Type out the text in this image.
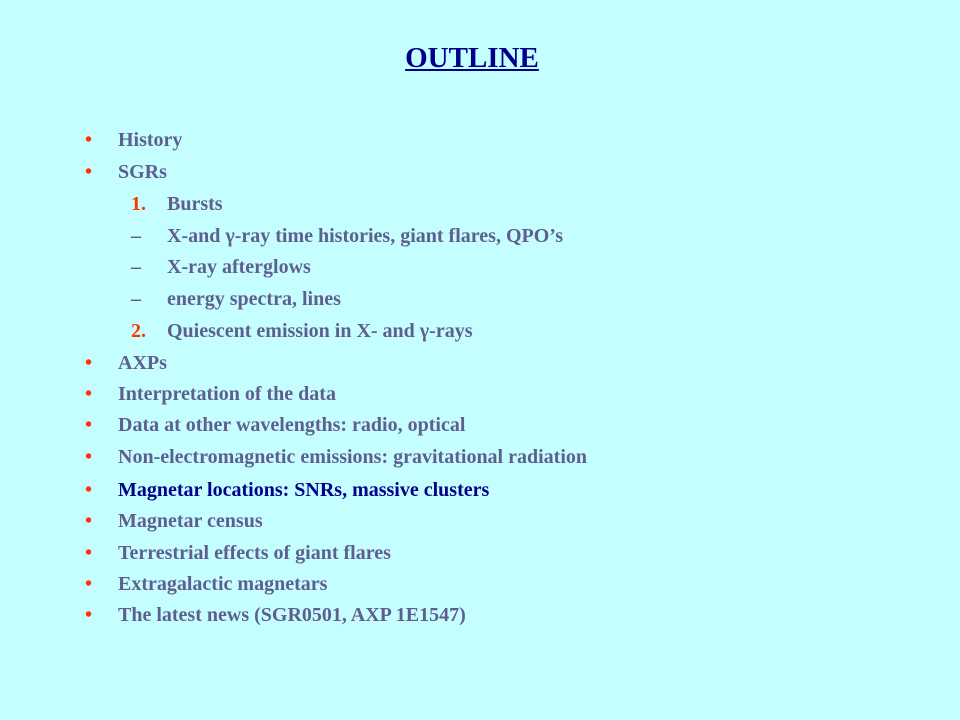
OUTLINE
• History
• SGRs
1. Bursts
– X-and γ-ray time histories, giant flares, QPO’s
– X-ray afterglows
– energy spectra, lines
2. Quiescent emission in X- and γ-rays
• AXPs
• Interpretation of the data
• Data at other wavelengths: radio, optical
• Non-electromagnetic emissions: gravitational radiation
• Magnetar locations: SNRs, massive clusters
• Magnetar census
• Terrestrial effects of giant flares
• Extragalactic magnetars
• The latest news (SGR0501, AXP 1E1547)
